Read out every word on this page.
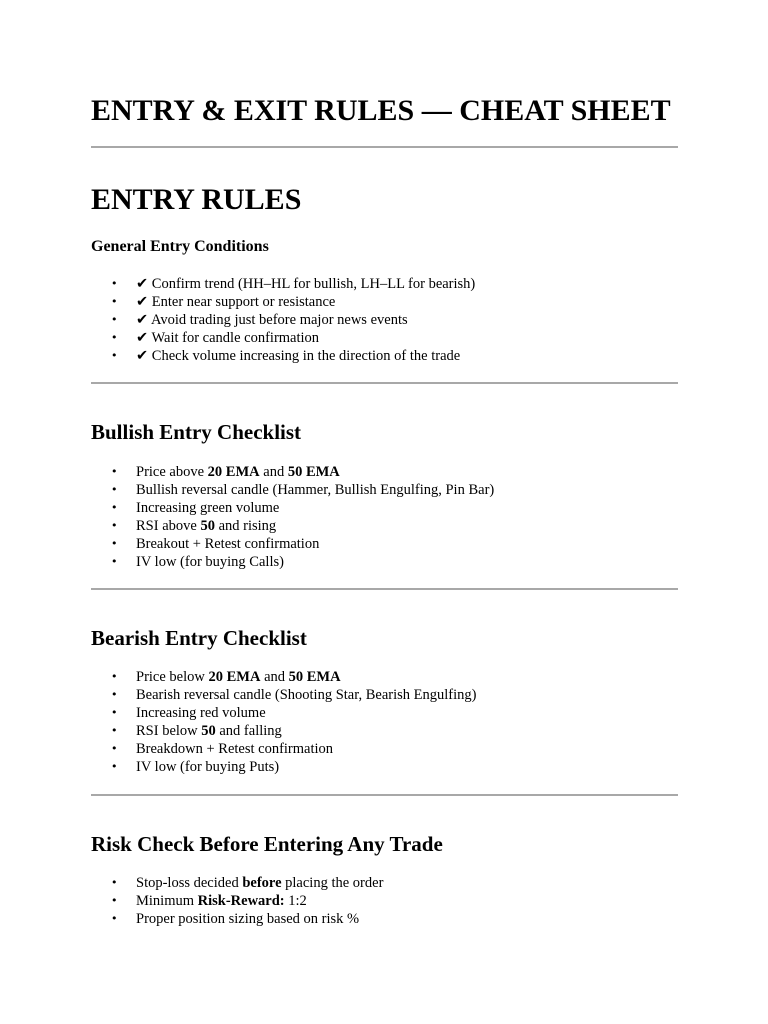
ENTRY & EXIT RULES — CHEAT SHEET
ENTRY RULES
General Entry Conditions
• ✔ Confirm trend (HH–HL for bullish, LH–LL for bearish)
• ✔ Enter near support or resistance
• ✔ Avoid trading just before major news events
• ✔ Wait for candle confirmation
• ✔ Check volume increasing in the direction of the trade
Bullish Entry Checklist
• Price above 20 EMA and 50 EMA
• Bullish reversal candle (Hammer, Bullish Engulfing, Pin Bar)
• Increasing green volume
• RSI above 50 and rising
• Breakout + Retest confirmation
• IV low (for buying Calls)
Bearish Entry Checklist
• Price below 20 EMA and 50 EMA
• Bearish reversal candle (Shooting Star, Bearish Engulfing)
• Increasing red volume
• RSI below 50 and falling
• Breakdown + Retest confirmation
• IV low (for buying Puts)
Risk Check Before Entering Any Trade
• Stop-loss decided before placing the order
• Minimum Risk-Reward: 1:2
• Proper position sizing based on risk %
